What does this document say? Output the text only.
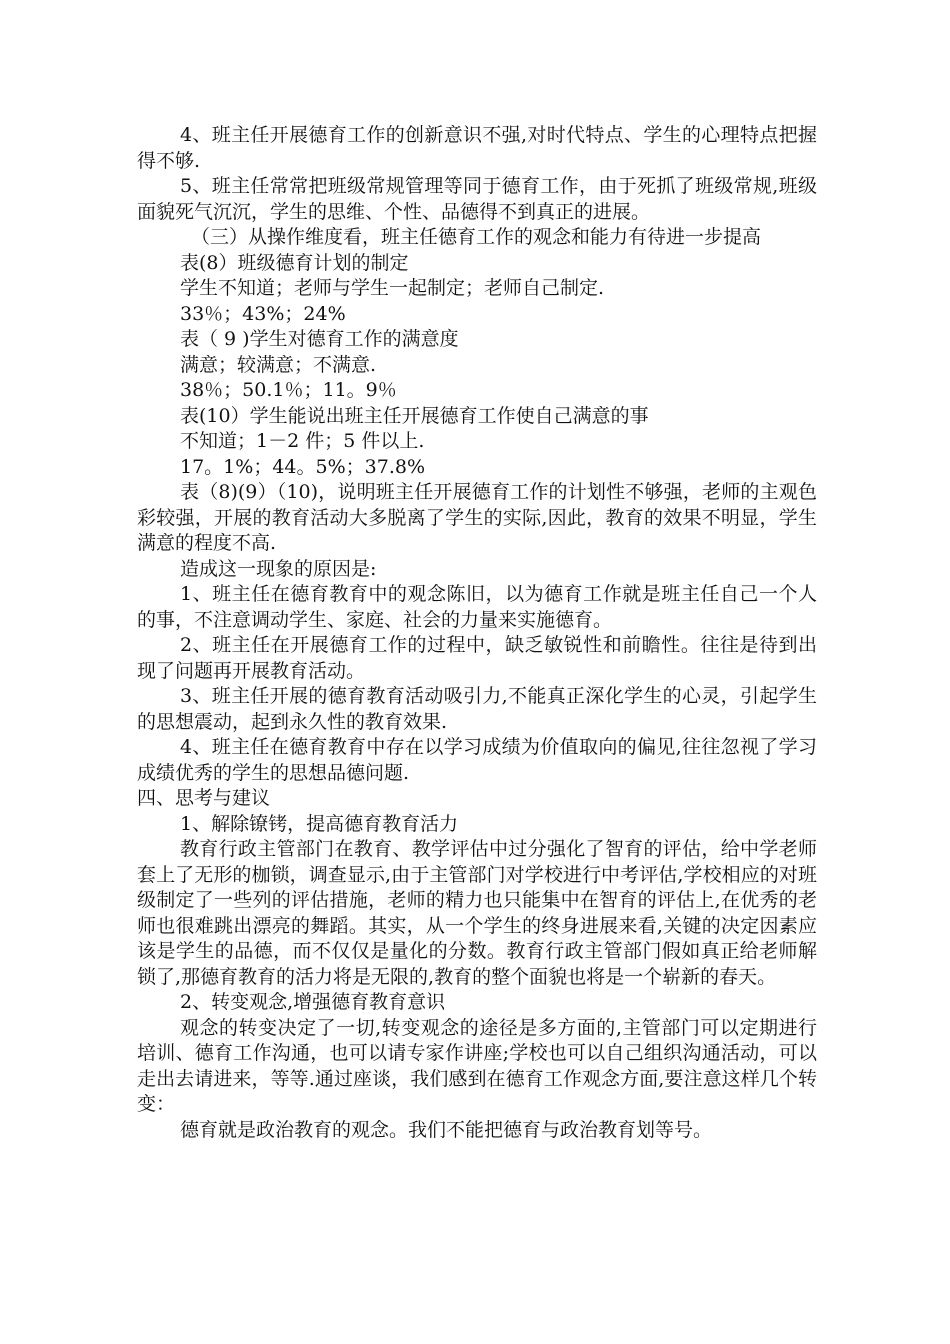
4、班主任开展德育工作的创新意识不强,对时代特点、学生的心理特点把握得不够.

5、班主任常常把班级常规管理等同于德育工作，由于死抓了班级常规,班级面貌死气沉沉，学生的思维、个性、品德得不到真正的进展。

（三）从操作维度看，班主任德育工作的观念和能力有待进一步提高

表(8）班级德育计划的制定

学生不知道；老师与学生一起制定；老师自己制定.

33％；43%；24%

表（ 9 )学生对德育工作的满意度

满意；较满意；不满意.

38％；50.1％；11。9％

表(10）学生能说出班主任开展德育工作使自己满意的事

不知道；1－2 件；5 件以上.

17。1%；44。5%；37.8%

表（8)(9）（10)，说明班主任开展德育工作的计划性不够强，老师的主观色彩较强，开展的教育活动大多脱离了学生的实际,因此，教育的效果不明显，学生满意的程度不高.

造成这一现象的原因是:

1、班主任在德育教育中的观念陈旧，以为德育工作就是班主任自己一个人的事，不注意调动学生、家庭、社会的力量来实施德育。

2、班主任在开展德育工作的过程中，缺乏敏锐性和前瞻性。往往是待到出现了问题再开展教育活动。

3、班主任开展的德育教育活动吸引力,不能真正深化学生的心灵，引起学生的思想震动，起到永久性的教育效果.

4、班主任在德育教育中存在以学习成绩为价值取向的偏见,往往忽视了学习成绩优秀的学生的思想品德问题.

四、思考与建议

1、解除镣铐，提高德育教育活力

教育行政主管部门在教育、教学评估中过分强化了智育的评估，给中学老师套上了无形的枷锁，调查显示,由于主管部门对学校进行中考评估,学校相应的对班级制定了一些列的评估措施，老师的精力也只能集中在智育的评估上,在优秀的老师也很难跳出漂亮的舞蹈。其实，从一个学生的终身进展来看,关键的决定因素应该是学生的品德，而不仅仅是量化的分数。教育行政主管部门假如真正给老师解锁了,那德育教育的活力将是无限的,教育的整个面貌也将是一个崭新的春天。

2、转变观念,增强德育教育意识

观念的转变决定了一切,转变观念的途径是多方面的,主管部门可以定期进行培训、德育工作沟通，也可以请专家作讲座;学校也可以自己组织沟通活动，可以走出去请进来，等等.通过座谈，我们感到在德育工作观念方面,要注意这样几个转变：

德育就是政治教育的观念。我们不能把德育与政治教育划等号。
